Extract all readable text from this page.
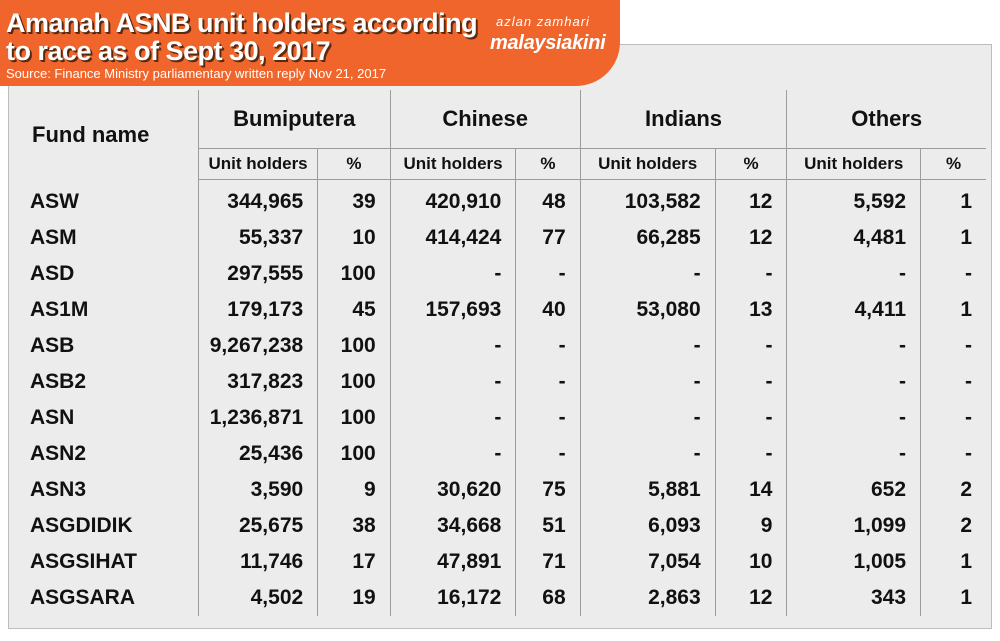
Amanah ASNB unit holders according
to race as of Sept 30, 2017
Source: Finance Ministry parliamentary written reply Nov 21, 2017
azlan zamhari
malaysiakini
Fund name	Bumiputera		Chinese		Indians		Others	
	Unit holders	%	Unit holders	%	Unit holders	%	Unit holders	%
ASW	344,965	39	420,910	48	103,582	12	5,592	1
ASM	55,337	10	414,424	77	66,285	12	4,481	1
ASD	297,555	100	-	-	-	-	-	-
AS1M	179,173	45	157,693	40	53,080	13	4,411	1
ASB	9,267,238	100	-	-	-	-	-	-
ASB2	317,823	100	-	-	-	-	-	-
ASN	1,236,871	100	-	-	-	-	-	-
ASN2	25,436	100	-	-	-	-	-	-
ASN3	3,590	9	30,620	75	5,881	14	652	2
ASGDIDIK	25,675	38	34,668	51	6,093	9	1,099	2
ASGSIHAT	11,746	17	47,891	71	7,054	10	1,005	1
ASGSARA	4,502	19	16,172	68	2,863	12	343	1
